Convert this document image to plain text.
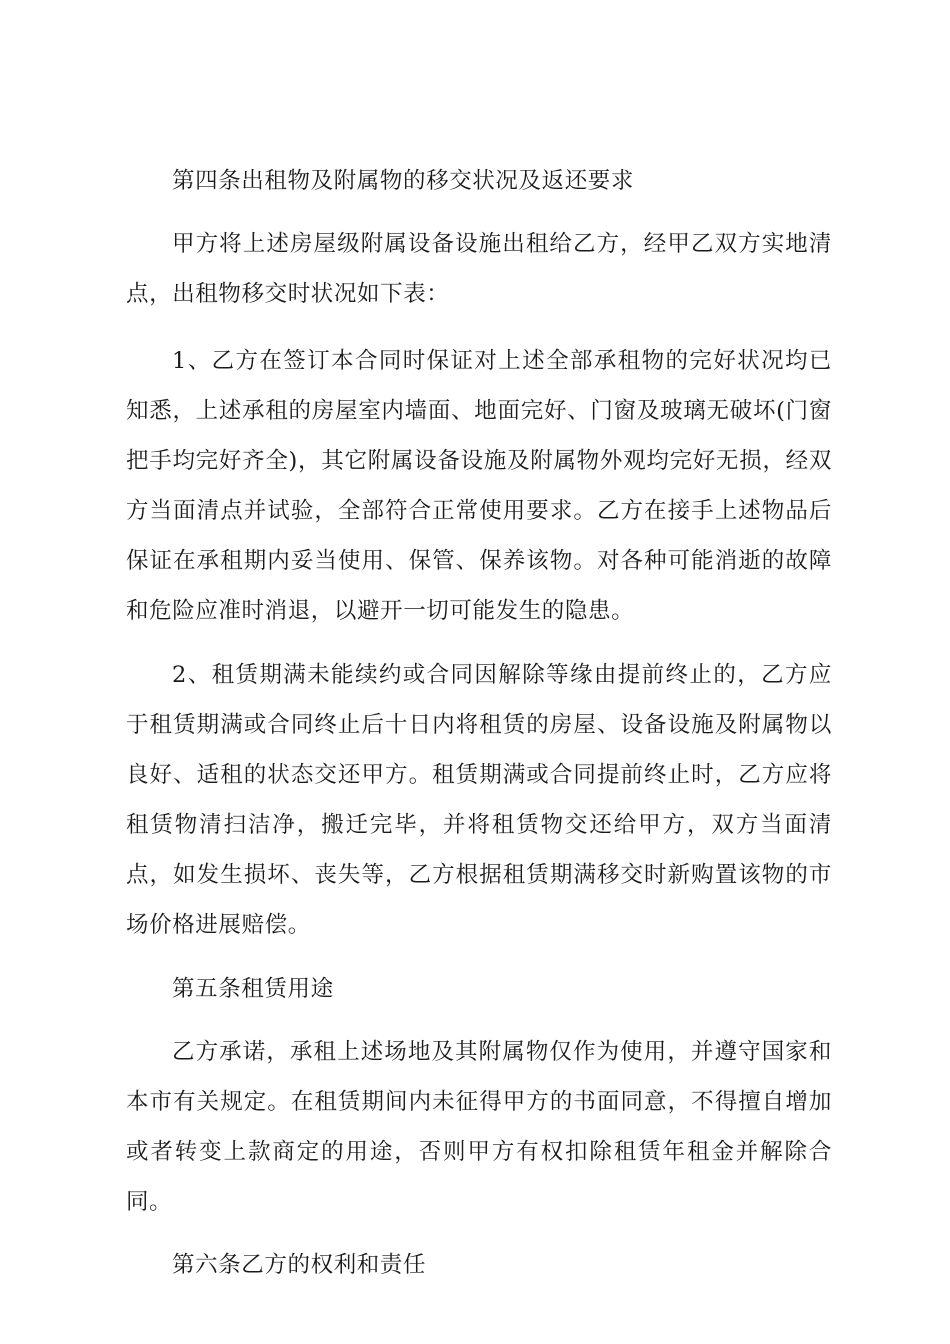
第四条出租物及附属物的移交状况及返还要求

甲方将上述房屋级附属设备设施出租给乙方，经甲乙双方实地清点，出租物移交时状况如下表：

1、乙方在签订本合同时保证对上述全部承租物的完好状况均已知悉，上述承租的房屋室内墙面、地面完好、门窗及玻璃无破坏(门窗把手均完好齐全)，其它附属设备设施及附属物外观均完好无损，经双方当面清点并试验，全部符合正常使用要求。乙方在接手上述物品后保证在承租期内妥当使用、保管、保养该物。对各种可能消逝的故障和危险应准时消退，以避开一切可能发生的隐患。

2、租赁期满未能续约或合同因解除等缘由提前终止的，乙方应于租赁期满或合同终止后十日内将租赁的房屋、设备设施及附属物以良好、适租的状态交还甲方。租赁期满或合同提前终止时，乙方应将租赁物清扫洁净，搬迁完毕，并将租赁物交还给甲方，双方当面清点，如发生损坏、丧失等，乙方根据租赁期满移交时新购置该物的市场价格进展赔偿。

第五条租赁用途

乙方承诺，承租上述场地及其附属物仅作为使用，并遵守国家和本市有关规定。在租赁期间内未征得甲方的书面同意，不得擅自增加或者转变上款商定的用途，否则甲方有权扣除租赁年租金并解除合同。

第六条乙方的权利和责任
